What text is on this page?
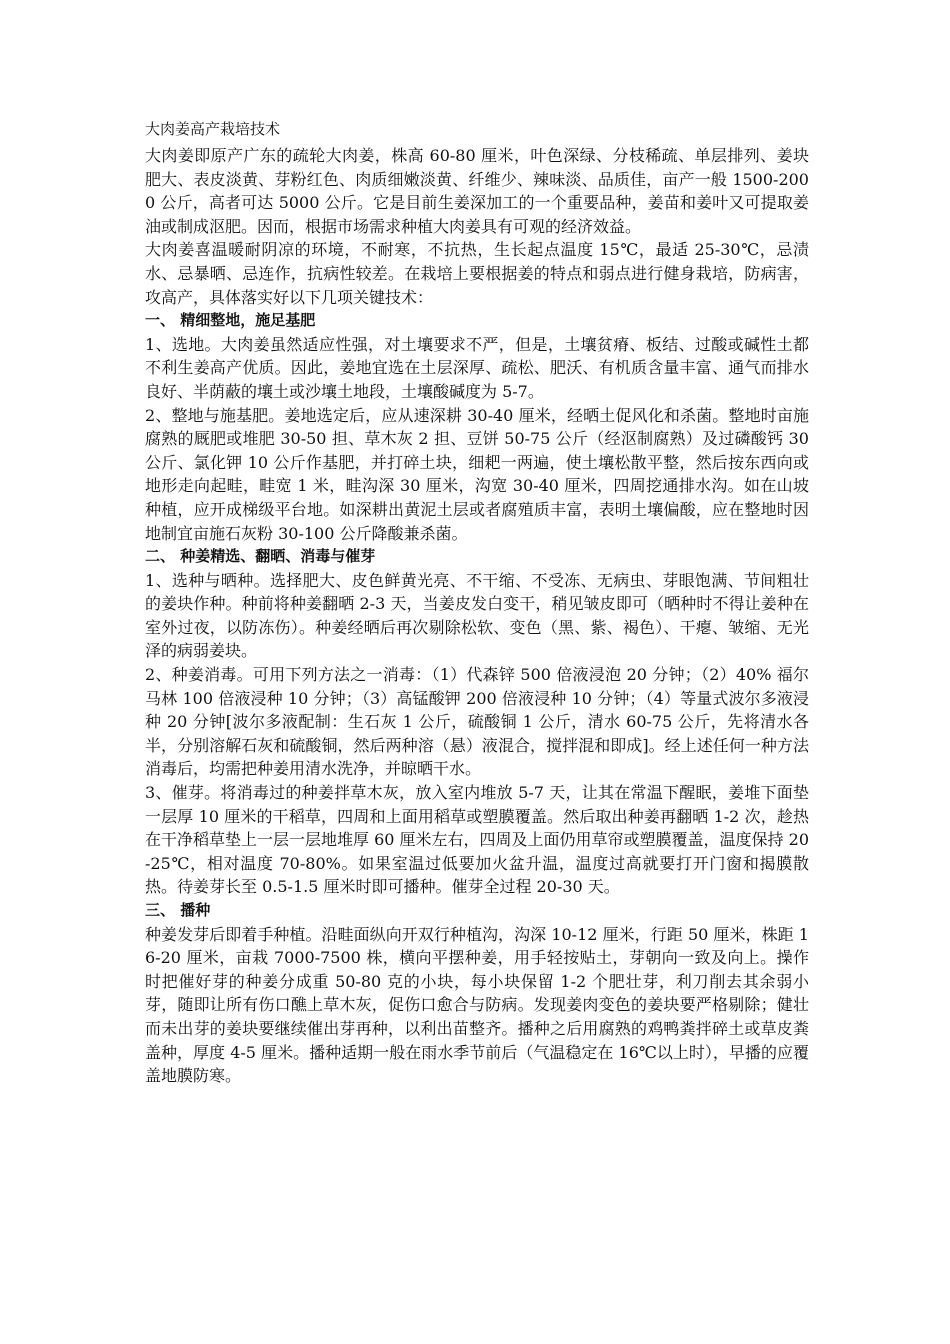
大肉姜高产栽培技术

大肉姜即原产广东的疏轮大肉姜，株高 60-80 厘米，叶色深绿、分枝稀疏、单层排列、姜块肥大、表皮淡黄、芽粉红色、肉质细嫩淡黄、纤维少、辣味淡、品质佳，亩产一般 1500-2000 公斤，高者可达 5000 公斤。它是目前生姜深加工的一个重要品种，姜苗和姜叶又可提取姜油或制成沤肥。因而，根据市场需求种植大肉姜具有可观的经济效益。

大肉姜喜温暖耐阴凉的环境，不耐寒，不抗热，生长起点温度 15℃，最适 25-30℃，忌渍水、忌暴晒、忌连作，抗病性较差。在栽培上要根据姜的特点和弱点进行健身栽培，防病害，攻高产，具体落实好以下几项关键技术：

一、 精细整地，施足基肥

1、选地。大肉姜虽然适应性强，对土壤要求不严，但是，土壤贫瘠、板结、过酸或碱性土都不利生姜高产优质。因此，姜地宜选在土层深厚、疏松、肥沃、有机质含量丰富、通气而排水良好、半荫蔽的壤土或沙壤土地段，土壤酸碱度为 5-7。

2、整地与施基肥。姜地选定后，应从速深耕 30-40 厘米，经晒土促风化和杀菌。整地时亩施腐熟的厩肥或堆肥 30-50 担、草木灰 2 担、豆饼 50-75 公斤（经沤制腐熟）及过磷酸钙 30 公斤、氯化钾 10 公斤作基肥，并打碎土块，细耙一两遍，使土壤松散平整，然后按东西向或地形走向起畦，畦宽 1 米，畦沟深 30 厘米，沟宽 30-40 厘米，四周挖通排水沟。如在山坡种植，应开成梯级平台地。如深耕出黄泥土层或者腐殖质丰富，表明土壤偏酸，应在整地时因地制宜亩施石灰粉 30-100 公斤降酸兼杀菌。

二、 种姜精选、翻晒、消毒与催芽

1、选种与晒种。选择肥大、皮色鲜黄光亮、不干缩、不受冻、无病虫、芽眼饱满、节间粗壮的姜块作种。种前将种姜翻晒 2-3 天，当姜皮发白变干，稍见皱皮即可（晒种时不得让姜种在室外过夜，以防冻伤）。种姜经晒后再次剔除松软、变色（黑、紫、褐色）、干瘪、皱缩、无光泽的病弱姜块。

2、种姜消毒。可用下列方法之一消毒：（1）代森锌 500 倍液浸泡 20 分钟；（2）40% 福尔马林 100 倍液浸种 10 分钟；（3）高锰酸钾 200 倍液浸种 10 分钟；（4）等量式波尔多液浸种 20 分钟[波尔多液配制：生石灰 1 公斤，硫酸铜 1 公斤，清水 60-75 公斤，先将清水各半，分别溶解石灰和硫酸铜，然后两种溶（悬）液混合，搅拌混和即成]。经上述任何一种方法消毒后，均需把种姜用清水洗净，并晾晒干水。

3、催芽。将消毒过的种姜拌草木灰，放入室内堆放 5-7 天，让其在常温下醒眠，姜堆下面垫一层厚 10 厘米的干稻草，四周和上面用稻草或塑膜覆盖。然后取出种姜再翻晒 1-2 次，趁热在干净稻草垫上一层一层地堆厚 60 厘米左右，四周及上面仍用草帘或塑膜覆盖，温度保持 20-25℃，相对温度 70-80%。如果室温过低要加火盆升温，温度过高就要打开门窗和揭膜散热。待姜芽长至 0.5-1.5 厘米时即可播种。催芽全过程 20-30 天。

三、 播种

种姜发芽后即着手种植。沿畦面纵向开双行种植沟，沟深 10-12 厘米，行距 50 厘米，株距 16-20 厘米，亩栽 7000-7500 株，横向平摆种姜，用手轻按贴土，芽朝向一致及向上。操作时把催好芽的种姜分成重 50-80 克的小块，每小块保留 1-2 个肥壮芽，利刀削去其余弱小芽，随即让所有伤口醮上草木灰，促伤口愈合与防病。发现姜肉变色的姜块要严格剔除；健壮而未出芽的姜块要继续催出芽再种，以利出苗整齐。播种之后用腐熟的鸡鸭粪拌碎土或草皮粪盖种，厚度 4-5 厘米。播种适期一般在雨水季节前后（气温稳定在 16℃以上时），早播的应覆盖地膜防寒。
